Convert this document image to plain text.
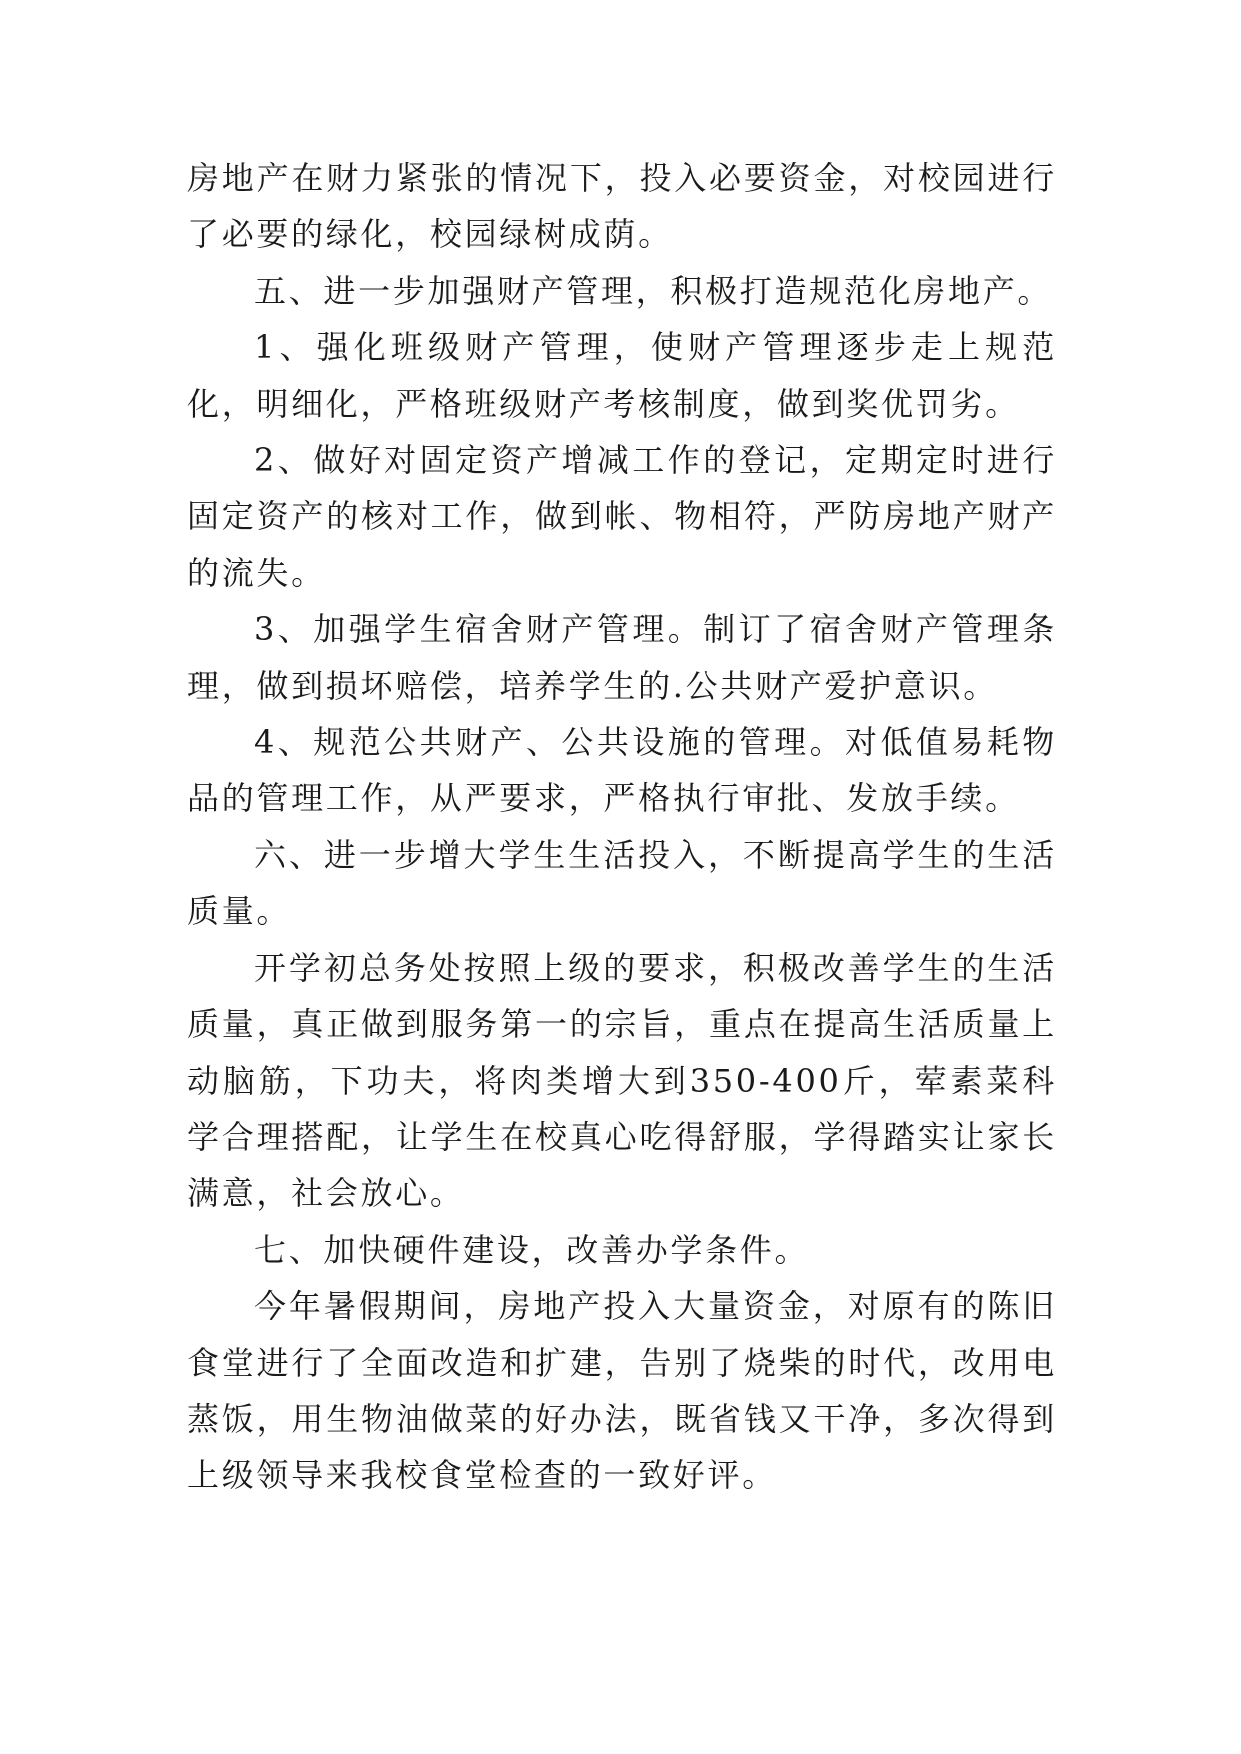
房地产在财力紧张的情况下，投入必要资金，对校园进行了必要的绿化，校园绿树成荫。

五、进一步加强财产管理，积极打造规范化房地产。

1、强化班级财产管理，使财产管理逐步走上规范化，明细化，严格班级财产考核制度，做到奖优罚劣。

2、做好对固定资产增减工作的登记，定期定时进行固定资产的核对工作，做到帐、物相符，严防房地产财产的流失。

3、加强学生宿舍财产管理。制订了宿舍财产管理条理，做到损坏赔偿，培养学生的.公共财产爱护意识。

4、规范公共财产、公共设施的管理。对低值易耗物品的管理工作，从严要求，严格执行审批、发放手续。

六、进一步增大学生生活投入，不断提高学生的生活质量。

开学初总务处按照上级的要求，积极改善学生的生活质量，真正做到服务第一的宗旨，重点在提高生活质量上动脑筋，下功夫，将肉类增大到350-400斤，荤素菜科学合理搭配，让学生在校真心吃得舒服，学得踏实让家长满意，社会放心。

七、加快硬件建设，改善办学条件。

今年暑假期间，房地产投入大量资金，对原有的陈旧食堂进行了全面改造和扩建，告别了烧柴的时代，改用电蒸饭，用生物油做菜的好办法，既省钱又干净，多次得到上级领导来我校食堂检查的一致好评。
